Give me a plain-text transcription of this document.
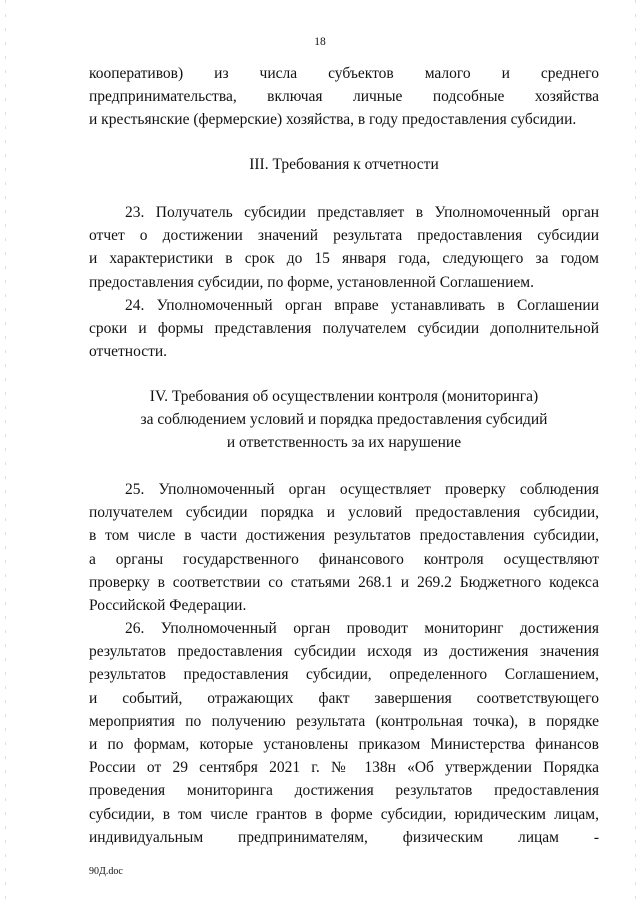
18
кооперативов) из числа субъектов малого и среднего
предпринимательства, включая личные подсобные хозяйства
и крестьянские (фермерские) хозяйства, в году предоставления субсидии.
III. Требования к отчетности
23. Получатель субсидии представляет в Уполномоченный орган
отчет о достижении значений результата предоставления субсидии
и характеристики в срок до 15 января года, следующего за годом
предоставления субсидии, по форме, установленной Соглашением.
24. Уполномоченный орган вправе устанавливать в Соглашении
сроки и формы представления получателем субсидии дополнительной
отчетности.
IV. Требования об осуществлении контроля (мониторинга)
за соблюдением условий и порядка предоставления субсидий
и ответственность за их нарушение
25. Уполномоченный орган осуществляет проверку соблюдения
получателем субсидии порядка и условий предоставления субсидии,
в том числе в части достижения результатов предоставления субсидии,
а органы государственного финансового контроля осуществляют
проверку в соответствии со статьями 268.1 и 269.2 Бюджетного кодекса
Российской Федерации.
26. Уполномоченный орган проводит мониторинг достижения
результатов предоставления субсидии исходя из достижения значения
результатов предоставления субсидии, определенного Соглашением,
и событий, отражающих факт завершения соответствующего
мероприятия по получению результата (контрольная точка), в порядке
и по формам, которые установлены приказом Министерства финансов
России от 29 сентября 2021 г. № 138н «Об утверждении Порядка
проведения мониторинга достижения результатов предоставления
субсидии, в том числе грантов в форме субсидии, юридическим лицам,
индивидуальным предпринимателям, физическим лицам -
90Д.doc
